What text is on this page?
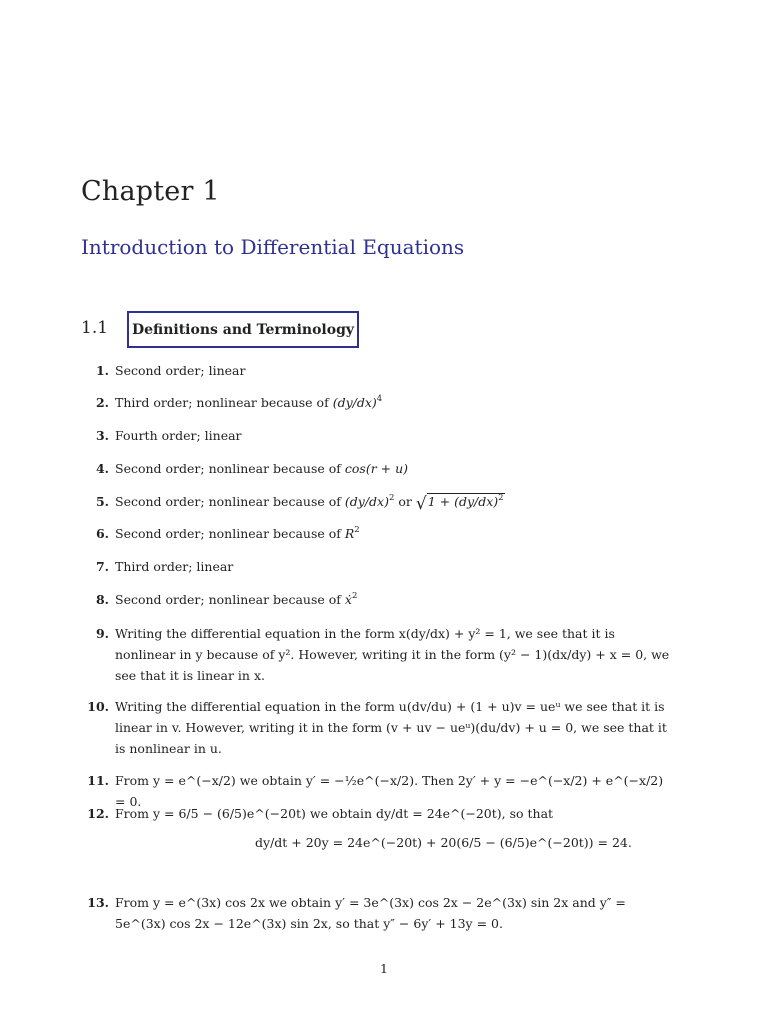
Chapter 1
Introduction to Differential Equations
1.1 Definitions and Terminology
1. Second order; linear
2. Third order; nonlinear because of $(dy/dx)^4$
3. Fourth order; linear
4. Second order; nonlinear because of cos(r + u)
5. Second order; nonlinear because of $(dy/dx)^2$ or $√1 + (dy/dx)^2$
6. Second order; nonlinear because of $R^2$
7. Third order; linear
8. Second order; nonlinear because of ẋ$^2$
9. Writing the differential equation in the form x(dy/dx) + y² = 1, we see that it is nonlinear in y because of y². However, writing it in the form (y² − 1)(dx/dy) + x = 0, we see that it is linear in x.
10. Writing the differential equation in the form u(dv/du) + (1 + u)v = ueᵘ we see that it is linear in v. However, writing it in the form (v + uv − ueᵘ)(du/dv) + u = 0, we see that it is nonlinear in u.
11. From y = e^(−x/2) we obtain y′ = −½e^(−x/2). Then 2y′ + y = −e^(−x/2) + e^(−x/2) = 0.
12. From y = 6/5 − (6/5)e^(−20t) we obtain dy/dt = 24e^(−20t), so that
dy/dt + 20y = 24e^(−20t) + 20(6/5 − (6/5)e^(−20t)) = 24.
13. From y = e^(3x) cos 2x we obtain y′ = 3e^(3x) cos 2x − 2e^(3x) sin 2x and y″ = 5e^(3x) cos 2x − 12e^(3x) sin 2x, so that y″ − 6y′ + 13y = 0.
1
